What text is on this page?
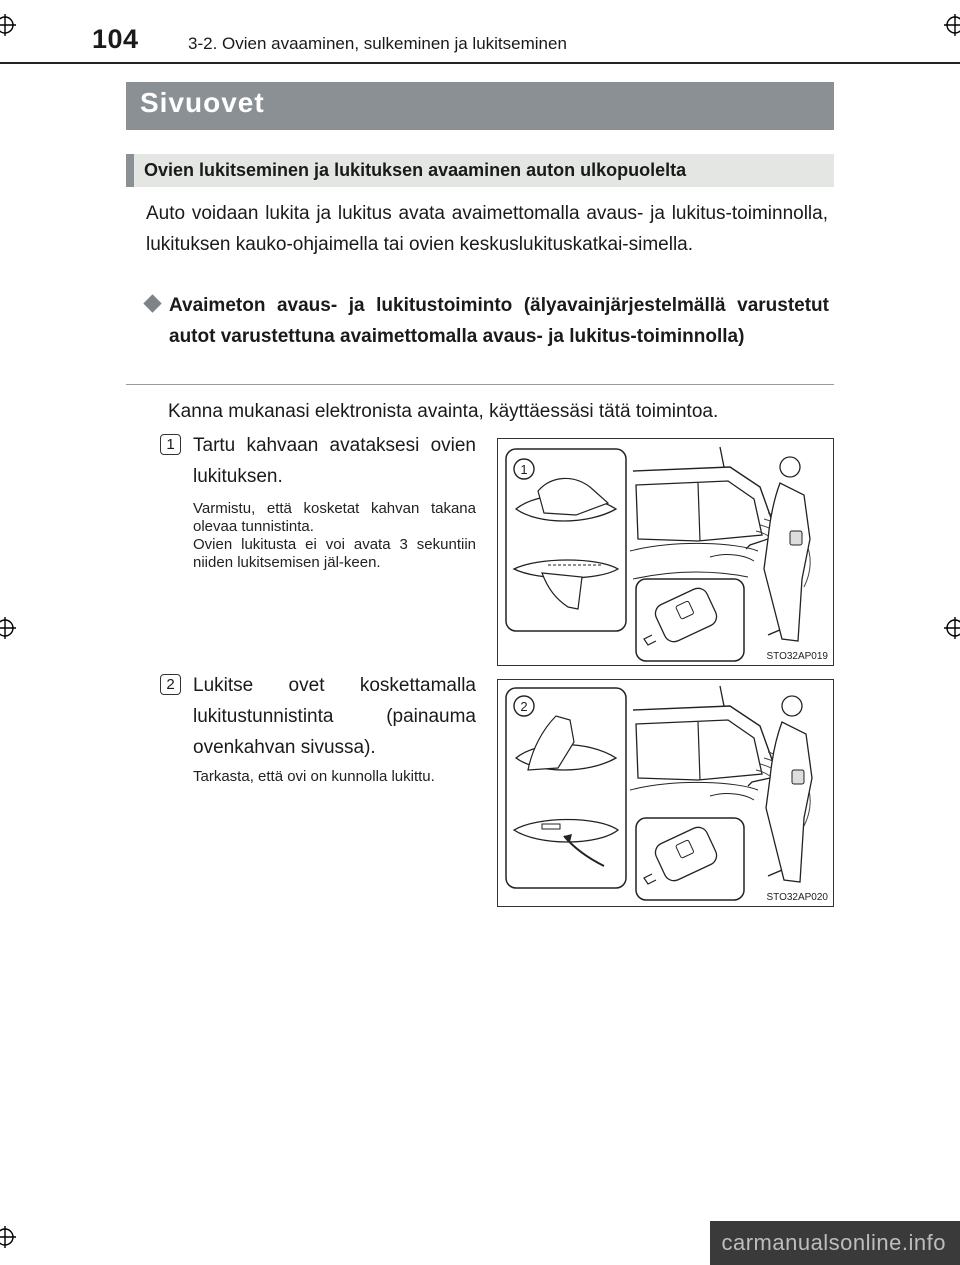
104	3-2. Ovien avaaminen, sulkeminen ja lukitseminen
Sivuovet
Ovien lukitseminen ja lukituksen avaaminen auton ulkopuolelta
Auto voidaan lukita ja lukitus avata avaimettomalla avaus- ja lukitus-toiminnolla, lukituksen kauko-ohjaimella tai ovien keskuslukituskatkai-simella.
Avaimeton avaus- ja lukitustoiminto (älyavainjärjestelmällä varustetut autot varustettuna avaimettomalla avaus- ja lukitus-toiminnolla)
Kanna mukanasi elektronista avainta, käyttäessäsi tätä toimintoa.
1 Tartu kahvaan avataksesi ovien lukituksen.
Varmistu, että kosketat kahvan takana olevaa tunnistinta.
Ovien lukitusta ei voi avata 3 sekuntiin niiden lukitsemisen jäl-keen.
1
STO32AP019
2 Lukitse ovet koskettamalla lukitustunnistinta (painauma ovenkahvan sivussa).
Tarkasta, että ovi on kunnolla lukittu.
2
STO32AP020
carmanualsonline.info
